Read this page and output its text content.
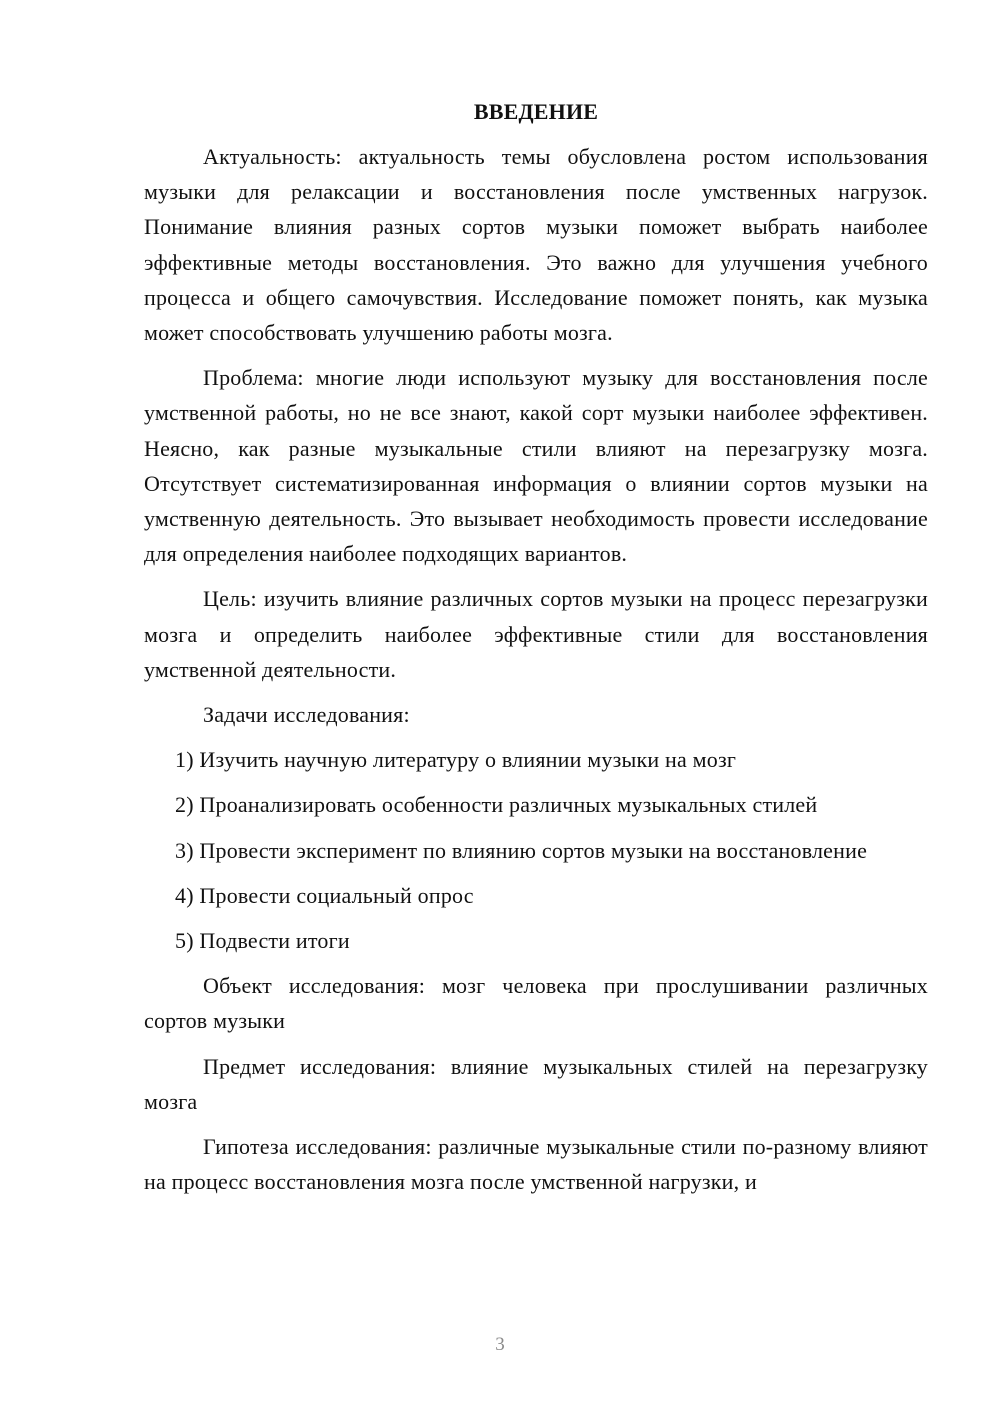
ВВЕДЕНИЕ

Актуальность: актуальность темы обусловлена ростом использования музыки для релаксации и восстановления после умственных нагрузок. Понимание влияния разных сортов музыки поможет выбрать наиболее эффективные методы восстановления. Это важно для улучшения учебного процесса и общего самочувствия. Исследование поможет понять, как музыка может способствовать улучшению работы мозга.

Проблема: многие люди используют музыку для восстановления после умственной работы, но не все знают, какой сорт музыки наиболее эффективен. Неясно, как разные музыкальные стили влияют на перезагрузку мозга. Отсутствует систематизированная информация о влиянии сортов музыки на умственную деятельность. Это вызывает необходимость провести исследование для определения наиболее подходящих вариантов.

Цель: изучить влияние различных сортов музыки на процесс перезагрузки мозга и определить наиболее эффективные стили для восстановления умственной деятельности.

Задачи исследования:

1) Изучить научную литературу о влиянии музыки на мозг

2) Проанализировать особенности различных музыкальных стилей

3) Провести эксперимент по влиянию сортов музыки на восстановление

4) Провести социальный опрос

5) Подвести итоги

Объект исследования: мозг человека при прослушивании различных сортов музыки

Предмет исследования: влияние музыкальных стилей на перезагрузку мозга

Гипотеза исследования: различные музыкальные стили по-разному влияют на процесс восстановления мозга после умственной нагрузки, и

3
